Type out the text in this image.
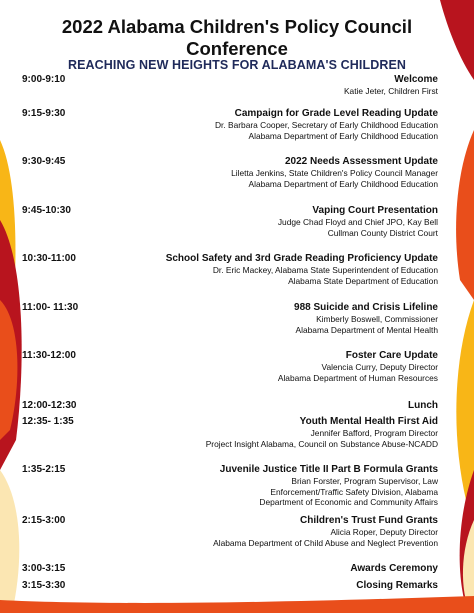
2022 Alabama Children's Policy Council
Conference
REACHING NEW HEIGHTS FOR ALABAMA'S CHILDREN
9:00-9:10	Welcome
Katie Jeter, Children First
9:15-9:30	Campaign for Grade Level Reading Update
Dr. Barbara Cooper, Secretary of Early Childhood Education
Alabama Department of Early Childhood Education
9:30-9:45	2022 Needs Assessment Update
Liletta Jenkins, State Children's Policy Council Manager
Alabama Department of Early Childhood Education
9:45-10:30	Vaping Court Presentation
Judge Chad Floyd and Chief JPO, Kay Bell
Cullman County District Court
10:30-11:00	School Safety and 3rd Grade Reading Proficiency Update
Dr. Eric Mackey, Alabama State Superintendent of Education
Alabama State Department of Education
11:00- 11:30	988 Suicide and Crisis Lifeline
Kimberly Boswell, Commissioner
Alabama Department of Mental Health
11:30-12:00	Foster Care Update
Valencia Curry, Deputy Director
Alabama Department of Human Resources
12:00-12:30	Lunch
12:35- 1:35	Youth Mental Health First Aid
Jennifer Bafford, Program Director
Project Insight Alabama, Council on Substance Abuse-NCADD
1:35-2:15	Juvenile Justice Title II Part B Formula Grants
Brian Forster, Program Supervisor, Law
Enforcement/Traffic Safety Division, Alabama
Department of Economic and Community Affairs
2:15-3:00	Children's Trust Fund Grants
Alicia Roper, Deputy Director
Alabama Department of Child Abuse and Neglect Prevention
3:00-3:15	Awards Ceremony
3:15-3:30	Closing Remarks
